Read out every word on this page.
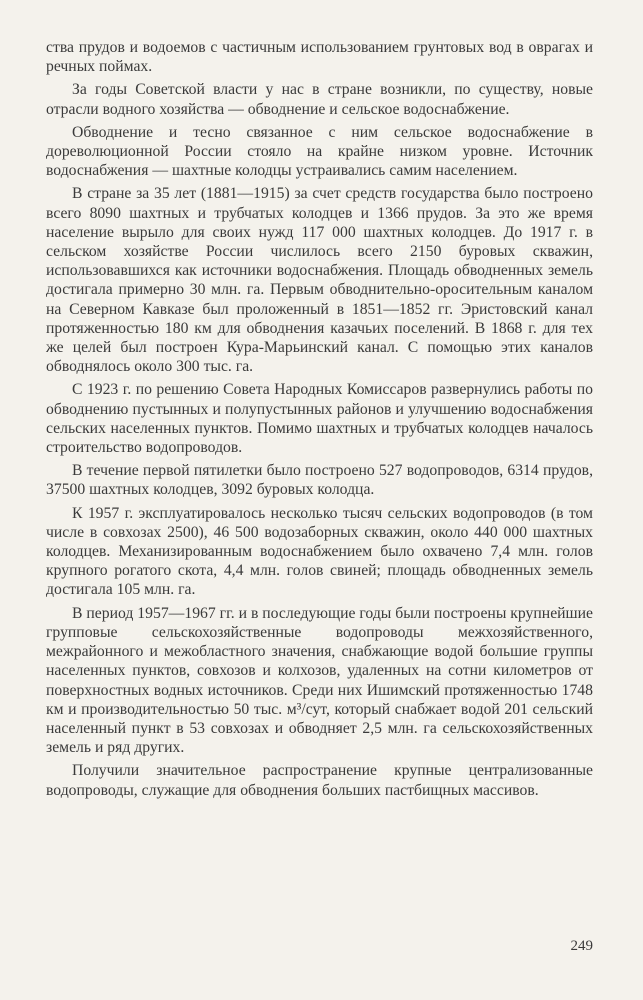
ства прудов и водоемов с частичным использованием грунтовых вод в оврагах и речных поймах.

За годы Советской власти у нас в стране возникли, по существу, новые отрасли водного хозяйства — обводнение и сельское водоснабжение.

Обводнение и тесно связанное с ним сельское водоснабжение в дореволюционной России стояло на крайне низком уровне. Источник водоснабжения — шахтные колодцы устраивались самим населением.

В стране за 35 лет (1881—1915) за счет средств государства было построено всего 8090 шахтных и трубчатых колодцев и 1366 прудов. За это же время население вырыло для своих нужд 117 000 шахтных колодцев. До 1917 г. в сельском хозяйстве России числилось всего 2150 буровых скважин, использовавшихся как источники водоснабжения. Площадь обводненных земель достигала примерно 30 млн. га. Первым обводнительно-оросительным каналом на Северном Кавказе был проложенный в 1851—1852 гг. Эристовский канал протяженностью 180 км для обводнения казачьих поселений. В 1868 г. для тех же целей был построен Кура-Марьинский канал. С помощью этих каналов обводнялось около 300 тыс. га.

С 1923 г. по решению Совета Народных Комиссаров развернулись работы по обводнению пустынных и полупустынных районов и улучшению водоснабжения сельских населенных пунктов. Помимо шахтных и трубчатых колодцев началось строительство водопроводов.

В течение первой пятилетки было построено 527 водопроводов, 6314 прудов, 37500 шахтных колодцев, 3092 буровых колодца.

К 1957 г. эксплуатировалось несколько тысяч сельских водопроводов (в том числе в совхозах 2500), 46 500 водозаборных скважин, около 440 000 шахтных колодцев. Механизированным водоснабжением было охвачено 7,4 млн. голов крупного рогатого скота, 4,4 млн. голов свиней; площадь обводненных земель достигала 105 млн. га.

В период 1957—1967 гг. и в последующие годы были построены крупнейшие групповые сельскохозяйственные водопроводы межхозяйственного, межрайонного и межобластного значения, снабжающие водой большие группы населенных пунктов, совхозов и колхозов, удаленных на сотни километров от поверхностных водных источников. Среди них Ишимский протяженностью 1748 км и производительностью 50 тыс. м³/сут, который снабжает водой 201 сельский населенный пункт в 53 совхозах и обводняет 2,5 млн. га сельскохозяйственных земель и ряд других.

Получили значительное распространение крупные централизованные водопроводы, служащие для обводнения больших пастбищных массивов.

249
